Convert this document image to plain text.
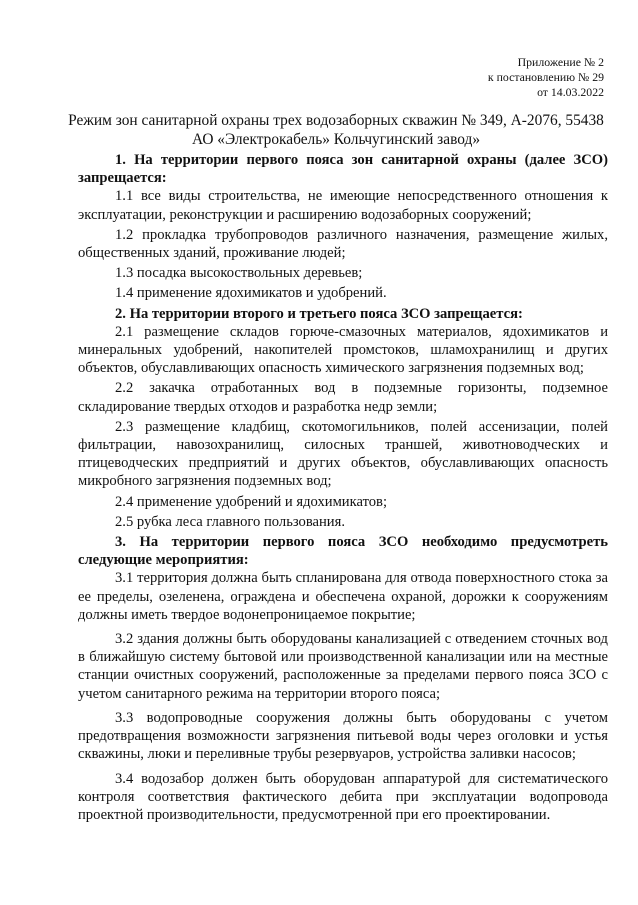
Приложение № 2
к постановлению № 29
от 14.03.2022
Режим зон санитарной охраны трех водозаборных скважин № 349, А-2076, 55438
АО «Электрокабель» Кольчугинский завод»

1. На территории первого пояса зон санитарной охраны (далее ЗСО) запрещается:

1.1 все виды строительства, не имеющие непосредственного отношения к эксплуатации, реконструкции и расширению водозаборных сооружений;

1.2 прокладка трубопроводов различного назначения, размещение жилых, общественных зданий, проживание людей;

1.3 посадка высокоствольных деревьев;

1.4 применение ядохимикатов и удобрений.

2. На территории второго и третьего пояса ЗСО запрещается:

2.1 размещение складов горюче-смазочных материалов, ядохимикатов и минеральных удобрений, накопителей промстоков, шламохранилищ и других объектов, обуславливающих опасность химического загрязнения подземных вод;

2.2 закачка отработанных вод в подземные горизонты, подземное складирование твердых отходов и разработка недр земли;

2.3 размещение кладбищ, скотомогильников, полей ассенизации, полей фильтрации, навозохранилищ, силосных траншей, животноводческих и птицеводческих предприятий и других объектов, обуславливающих опасность микробного загрязнения подземных вод;

2.4 применение удобрений и ядохимикатов;

2.5 рубка леса главного пользования.

3. На территории первого пояса ЗСО необходимо предусмотреть следующие мероприятия:

3.1 территория должна быть спланирована для отвода поверхностного стока за ее пределы, озеленена, ограждена и обеспечена охраной, дорожки к сооружениям должны иметь твердое водонепроницаемое покрытие;

3.2 здания должны быть оборудованы канализацией с отведением сточных вод в ближайшую систему бытовой или производственной канализации или на местные станции очистных сооружений, расположенные за пределами первого пояса ЗСО с учетом санитарного режима на территории второго пояса;

3.3 водопроводные сооружения должны быть оборудованы с учетом предотвращения возможности загрязнения питьевой воды через оголовки и устья скважины, люки и переливные трубы резервуаров, устройства заливки насосов;

3.4 водозабор должен быть оборудован аппаратурой для систематического контроля соответствия фактического дебита при эксплуатации водопровода проектной производительности, предусмотренной при его проектировании.
